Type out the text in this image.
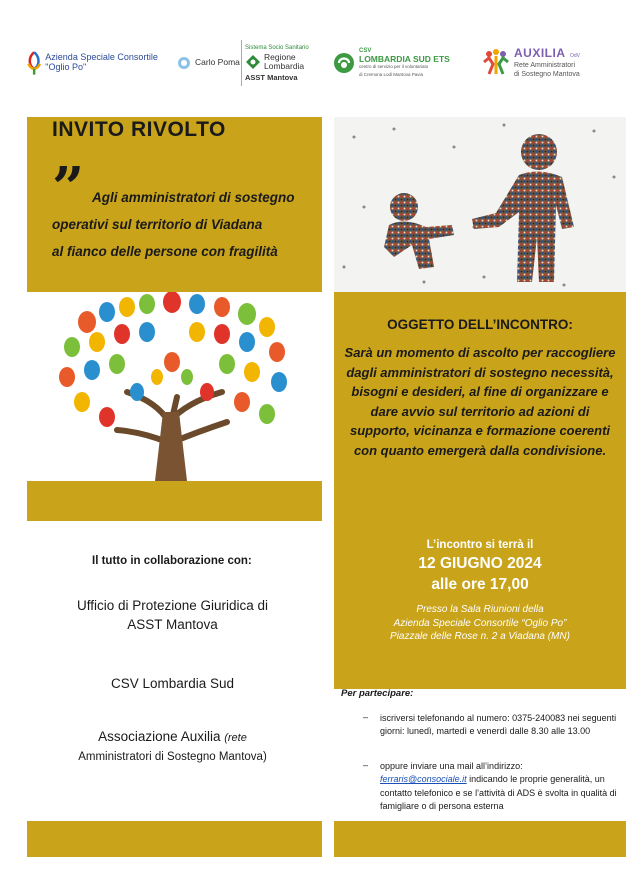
Azienda Speciale Consortile "Oglio Po"	Carlo Poma
Sistema Socio Sanitario
Regione
Lombardia
ASST Mantova
CSV
LOMBARDIA SUD ETS
centro di servizio per il volontariato
di Cremona Lodi Mantova Pavia
AUXILIA OdV
Rete Amministratori
di Sostegno Mantova
INVITO RIVOLTO
” Agli amministratori di sostegno
operativi sul territorio di Viadana
al fianco delle persone con fragilità
OGGETTO DELL’INCONTRO:
Sarà un momento di ascolto per raccogliere dagli amministratori di sostegno necessità, bisogni e desideri, al fine di organizzare e dare avvio sul territorio ad azioni di supporto, vicinanza e formazione coerenti con quanto emergerà dalla condivisione.
L’incontro si terrà il
12 GIUGNO 2024
alle ore 17,00
Presso la Sala Riunioni della
Azienda Speciale Consortile “Oglio Po”
Piazzale delle Rose n. 2 a Viadana (MN)
Il tutto in collaborazione con:
Ufficio di Protezione Giuridica di
ASST Mantova
CSV Lombardia Sud
Associazione Auxilia (rete
Amministratori di Sostegno Mantova)
Per partecipare:
– iscriversi telefonando al numero: 0375-240083 nei seguenti giorni: lunedì, martedì e venerdì dalle 8.30 alle 13.00
– oppure inviare una mail all’indirizzo:
ferraris@consociale.it indicando le proprie generalità, un contatto telefonico e se l’attività di ADS è svolta in qualità di famigliare o di persona esterna
